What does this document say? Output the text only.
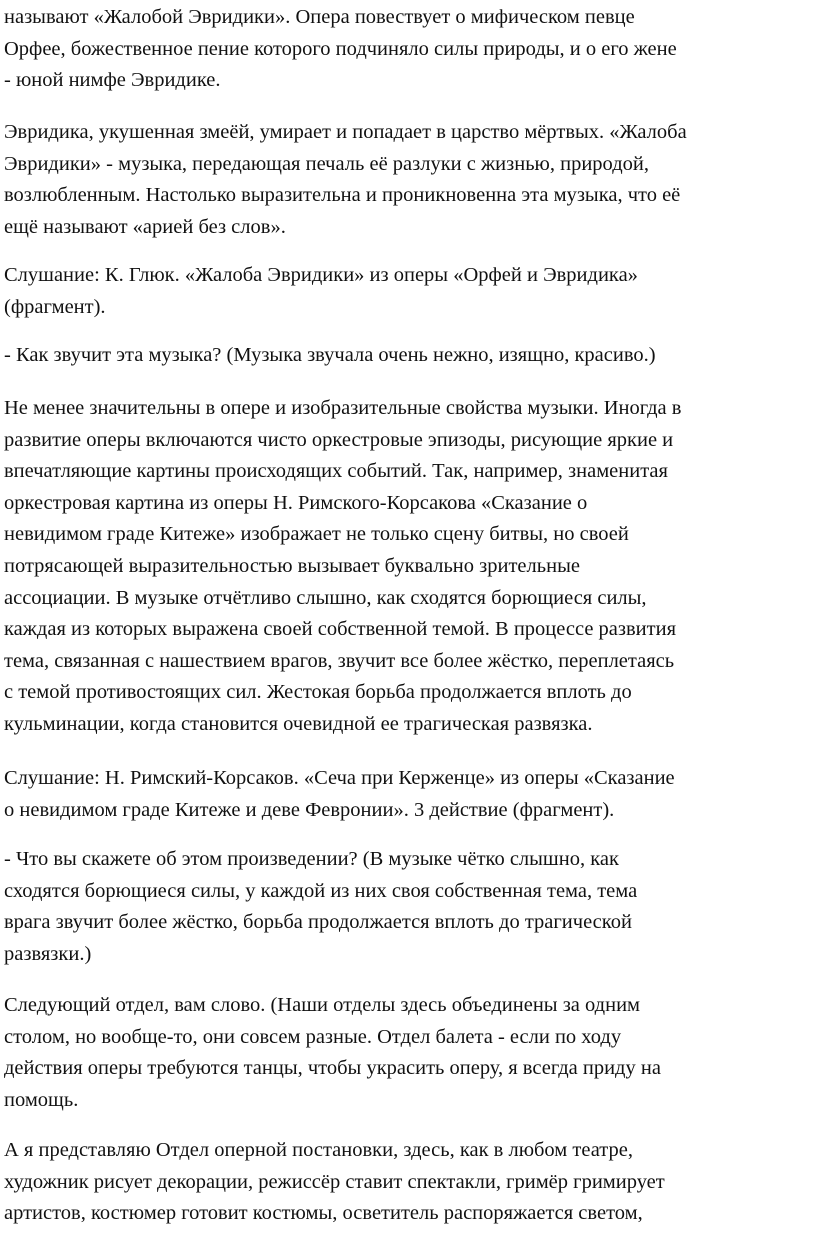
называют «Жалобой Эвридики». Опера повествует о мифическом певце
Орфее, божественное пение которого подчиняло силы природы, и о его жене
- юной нимфе Эвридике.

Эвридика, укушенная змеёй, умирает и попадает в царство мёртвых. «Жалоба
Эвридики» - музыка, передающая печаль её разлуки с жизнью, природой,
возлюбленным. Настолько выразительна и проникновенна эта музыка, что её
ещё называют «арией без слов».

Слушание: К. Глюк. «Жалоба Эвридики» из оперы «Орфей и Эвридика»
(фрагмент).

- Как звучит эта музыка? (Музыка звучала очень нежно, изящно, красиво.)

Не менее значительны в опере и изобразительные свойства музыки. Иногда в
развитие оперы включаются чисто оркестровые эпизоды, рисующие яркие и
впечатляющие картины происходящих событий. Так, например, знаменитая
оркестровая картина из оперы Н. Римского-Корсакова «Сказание о
невидимом граде Китеже» изображает не только сцену битвы, но своей
потрясающей выразительностью вызывает буквально зрительные
ассоциации. В музыке отчётливо слышно, как сходятся борющиеся силы,
каждая из которых выражена своей собственной темой. В процессе развития
тема, связанная с нашествием врагов, звучит все более жёстко, переплетаясь
с темой противостоящих сил. Жестокая борьба продолжается вплоть до
кульминации, когда становится очевидной ее трагическая развязка.

Слушание: Н. Римский-Корсаков. «Сеча при Керженце» из оперы «Сказание
о невидимом граде Китеже и деве Февронии». 3 действие (фрагмент).

- Что вы скажете об этом произведении? (В музыке чётко слышно, как
сходятся борющиеся силы, у каждой из них своя собственная тема, тема
врага звучит более жёстко, борьба продолжается вплоть до трагической
развязки.)

Следующий отдел, вам слово. (Наши отделы здесь объединены за одним
столом, но вообще-то, они совсем разные. Отдел балета - если по ходу
действия оперы требуются танцы, чтобы украсить оперу, я всегда приду на
помощь.

А я представляю Отдел оперной постановки, здесь, как в любом театре,
художник рисует декорации, режиссёр ставит спектакли, гримёр гримирует
артистов, костюмер готовит костюмы, осветитель распоряжается светом,
